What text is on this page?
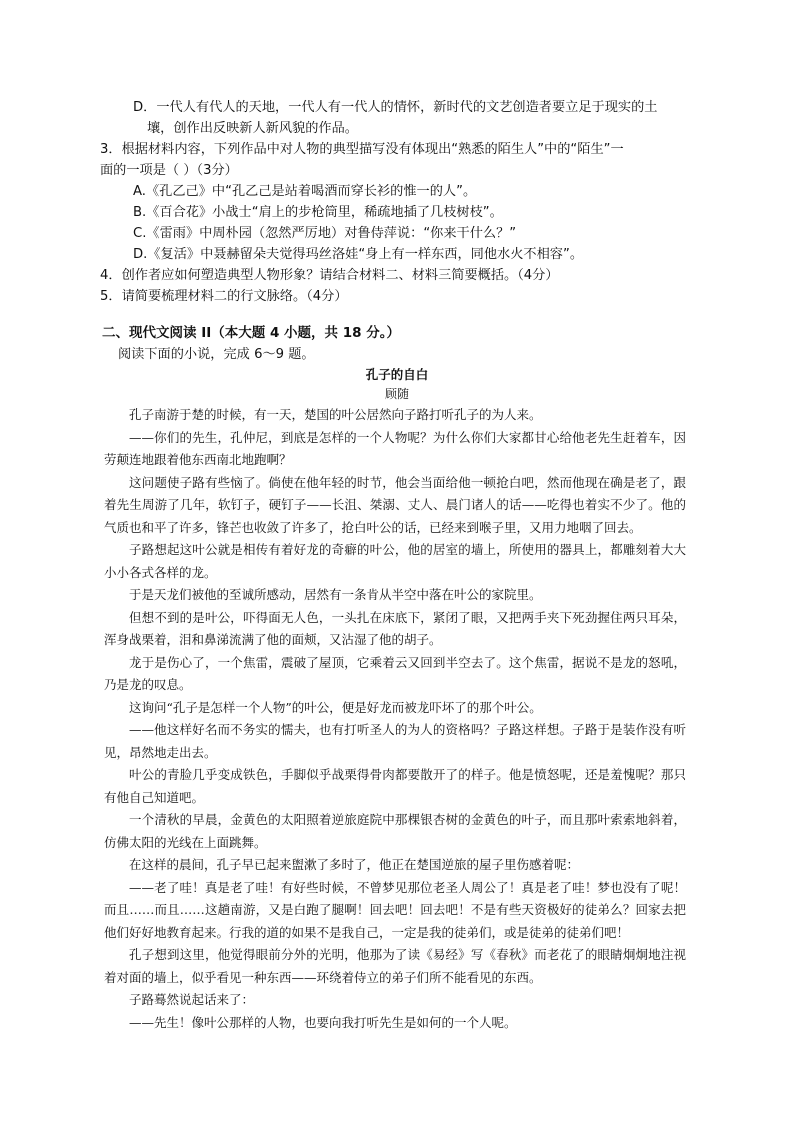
D．一代人有代人的天地，一代人有一代人的情怀，新时代的文艺创造者要立足于现实的土

壤，创作出反映新人新风貌的作品。

3．根据材料内容，下列作品中对人物的典型描写没有体现出“熟悉的陌生人”中的“陌生”一

面的一项是（ ）（3分）

A.《孔乙己》中“孔乙己是站着喝酒而穿长衫的惟一的人”。

B.《百合花》小战士“肩上的步枪筒里，稀疏地插了几枝树枝”。

C.《雷雨》中周朴园（忽然严厉地）对鲁侍萍说：“你来干什么？”

D.《复活》中聂赫留朵夫觉得玛丝洛娃“身上有一样东西，同他水火不相容”。

4．创作者应如何塑造典型人物形象？请结合材料二、材料三简要概括。（4分）

5．请简要梳理材料二的行文脉络。（4分）

二、现代文阅读 II（本大题 4 小题，共 18 分。）

阅读下面的小说，完成 6～9 题。

孔子的自白

顾随

孔子南游于楚的时候，有一天，楚国的叶公居然向子路打听孔子的为人来。

——你们的先生，孔仲尼，到底是怎样的一个人物呢？为什么你们大家都甘心给他老先生赶着车，因劳颠连地跟着他东西南北地跑啊？

这问题使子路有些恼了。倘使在他年轻的时节，他会当面给他一顿抢白吧，然而他现在确是老了，跟着先生周游了几年，软钉子，硬钉子——长沮、桀溺、丈人、晨门诸人的话——吃得也着实不少了。他的气质也和平了许多，锋芒也收敛了许多了，抢白叶公的话，已经来到喉子里，又用力地咽了回去。

子路想起这叶公就是相传有着好龙的奇癖的叶公，他的居室的墙上，所使用的器具上，都雕刻着大大小小各式各样的龙。

于是天龙们被他的至诚所感动，居然有一条肯从半空中落在叶公的家院里。

但想不到的是叶公，吓得面无人色，一头扎在床底下，紧闭了眼，又把两手夹下死劲握住两只耳朵，浑身战栗着，泪和鼻涕流满了他的面颊，又沾湿了他的胡子。

龙于是伤心了，一个焦雷，震破了屋顶，它乘着云又回到半空去了。这个焦雷，据说不是龙的怒吼，乃是龙的叹息。

这询问“孔子是怎样一个人物”的叶公，便是好龙而被龙吓坏了的那个叶公。

——他这样好名而不务实的懦夫，也有打听圣人的为人的资格吗？子路这样想。子路于是装作没有听见，昂然地走出去。

叶公的青脸几乎变成铁色，手脚似乎战栗得骨肉都要散开了的样子。他是愤怒呢，还是羞愧呢？那只有他自己知道吧。

一个清秋的早晨，金黄色的太阳照着逆旅庭院中那棵银杏树的金黄色的叶子，而且那叶索索地斜着，仿佛太阳的光线在上面跳舞。

在这样的晨间，孔子早已起来盥漱了多时了，他正在楚国逆旅的屋子里伤感着呢：

——老了哇！真是老了哇！有好些时候，不曾梦见那位老圣人周公了！真是老了哇！梦也没有了呢！而且……而且……这趟南游，又是白跑了腿啊！回去吧！回去吧！不是有些天资极好的徒弟么？回家去把他们好好地教育起来。行我的道的如果不是我自己，一定是我的徒弟们，或是徒弟的徒弟们吧！

孔子想到这里，他觉得眼前分外的光明，他那为了读《易经》写《春秋》而老花了的眼睛炯炯地注视着对面的墙上，似乎看见一种东西——环绕着侍立的弟子们所不能看见的东西。

子路蓦然说起话来了：

——先生！像叶公那样的人物，也要向我打听先生是如何的一个人呢。
